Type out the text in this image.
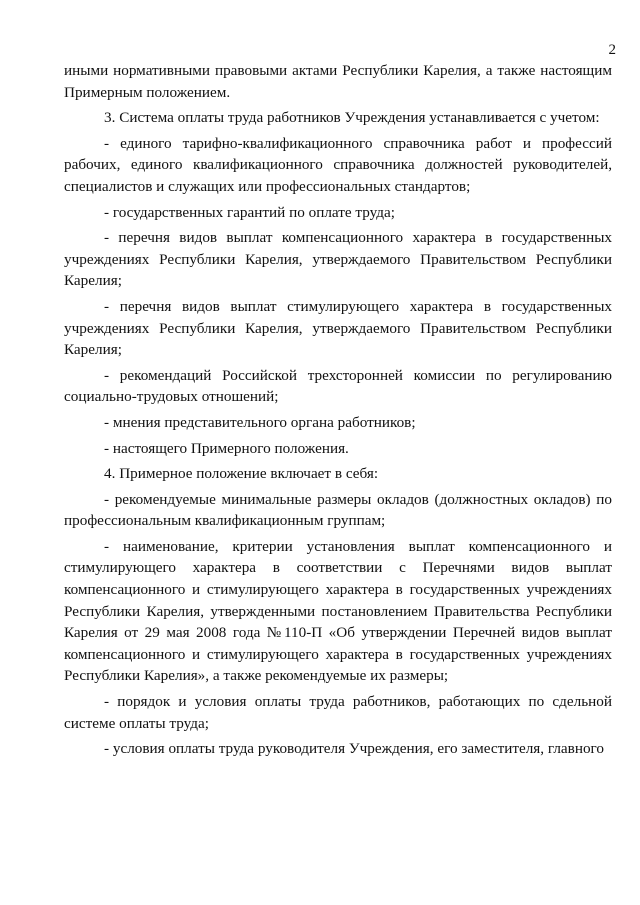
2

иными нормативными правовыми актами Республики Карелия, а также настоящим Примерным положением.

3. Система оплаты труда работников Учреждения устанавливается с учетом:

- единого тарифно-квалификационного справочника работ и профессий рабочих, единого квалификационного справочника должностей руководителей, специалистов и служащих или профессиональных стандартов;

- государственных гарантий по оплате труда;

- перечня видов выплат компенсационного характера в государственных учреждениях Республики Карелия, утверждаемого Правительством Республики Карелия;

- перечня видов выплат стимулирующего характера в государственных учреждениях Республики Карелия, утверждаемого Правительством Республики Карелия;

- рекомендаций Российской трехсторонней комиссии по регулированию социально-трудовых отношений;

- мнения представительного органа работников;

- настоящего Примерного положения.

4. Примерное положение включает в себя:

- рекомендуемые минимальные размеры окладов (должностных окладов) по профессиональным квалификационным группам;

- наименование, критерии установления выплат компенсационного и стимулирующего характера в соответствии с Перечнями видов выплат компенсационного и стимулирующего характера в государственных учреждениях Республики Карелия, утвержденными постановлением Правительства Республики Карелия от 29 мая 2008 года №110-П «Об утверждении Перечней видов выплат компенсационного и стимулирующего характера в государственных учреждениях Республики Карелия», а также рекомендуемые их размеры;

- порядок и условия оплаты труда работников, работающих по сдельной системе оплаты труда;

- условия оплаты труда руководителя Учреждения, его заместителя, главного
